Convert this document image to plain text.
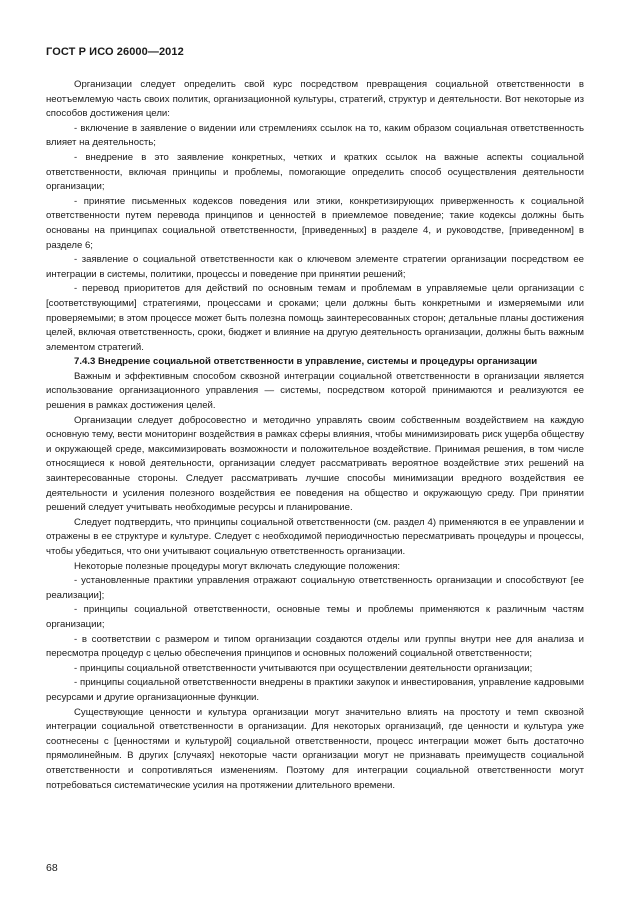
ГОСТ Р ИСО 26000—2012

Организации следует определить свой курс посредством превращения социальной ответственности в неотъемлемую часть своих политик, организационной культуры, стратегий, структур и деятельности. Вот некоторые из способов достижения цели:

- включение в заявление о видении или стремлениях ссылок на то, каким образом социальная ответственность влияет на деятельность;

- внедрение в это заявление конкретных, четких и кратких ссылок на важные аспекты социальной ответственности, включая принципы и проблемы, помогающие определить способ осуществления деятельности организации;

- принятие письменных кодексов поведения или этики, конкретизирующих приверженность к социальной ответственности путем перевода принципов и ценностей в приемлемое поведение; такие кодексы должны быть основаны на принципах социальной ответственности, [приведенных] в разделе 4, и руководстве, [приведенном] в разделе 6;

- заявление о социальной ответственности как о ключевом элементе стратегии организации посредством ее интеграции в системы, политики, процессы и поведение при принятии решений;

- перевод приоритетов для действий по основным темам и проблемам в управляемые цели организации с [соответствующими] стратегиями, процессами и сроками; цели должны быть конкретными и измеряемыми или проверяемыми; в этом процессе может быть полезна помощь заинтересованных сторон; детальные планы достижения целей, включая ответственность, сроки, бюджет и влияние на другую деятельность организации, должны быть важным элементом стратегий.

7.4.3 Внедрение социальной ответственности в управление, системы и процедуры организации

Важным и эффективным способом сквозной интеграции социальной ответственности в организации является использование организационного управления — системы, посредством которой принимаются и реализуются ее решения в рамках достижения целей.

Организации следует добросовестно и методично управлять своим собственным воздействием на каждую основную тему, вести мониторинг воздействия в рамках сферы влияния, чтобы минимизировать риск ущерба обществу и окружающей среде, максимизировать возможности и положительное воздействие. Принимая решения, в том числе относящиеся к новой деятельности, организации следует рассматривать вероятное воздействие этих решений на заинтересованные стороны. Следует рассматривать лучшие способы минимизации вредного воздействия ее деятельности и усиления полезного воздействия ее поведения на общество и окружающую среду. При принятии решений следует учитывать необходимые ресурсы и планирование.

Следует подтвердить, что принципы социальной ответственности (см. раздел 4) применяются в ее управлении и отражены в ее структуре и культуре. Следует с необходимой периодичностью пересматривать процедуры и процессы, чтобы убедиться, что они учитывают социальную ответственность организации.

Некоторые полезные процедуры могут включать следующие положения:

- установленные практики управления отражают социальную ответственность организации и способствуют [ее реализации];

- принципы социальной ответственности, основные темы и проблемы применяются к различным частям организации;

- в соответствии с размером и типом организации создаются отделы или группы внутри нее для анализа и пересмотра процедур с целью обеспечения принципов и основных положений социальной ответственности;

- принципы социальной ответственности учитываются при осуществлении деятельности организации;

- принципы социальной ответственности внедрены в практики закупок и инвестирования, управление кадровыми ресурсами и другие организационные функции.

Существующие ценности и культура организации могут значительно влиять на простоту и темп сквозной интеграции социальной ответственности в организации. Для некоторых организаций, где ценности и культура уже соотнесены с [ценностями и культурой] социальной ответственности, процесс интеграции может быть достаточно прямолинейным. В других [случаях] некоторые части организации могут не признавать преимуществ социальной ответственности и сопротивляться изменениям. Поэтому для интеграции социальной ответственности могут потребоваться систематические усилия на протяжении длительного времени.

68
